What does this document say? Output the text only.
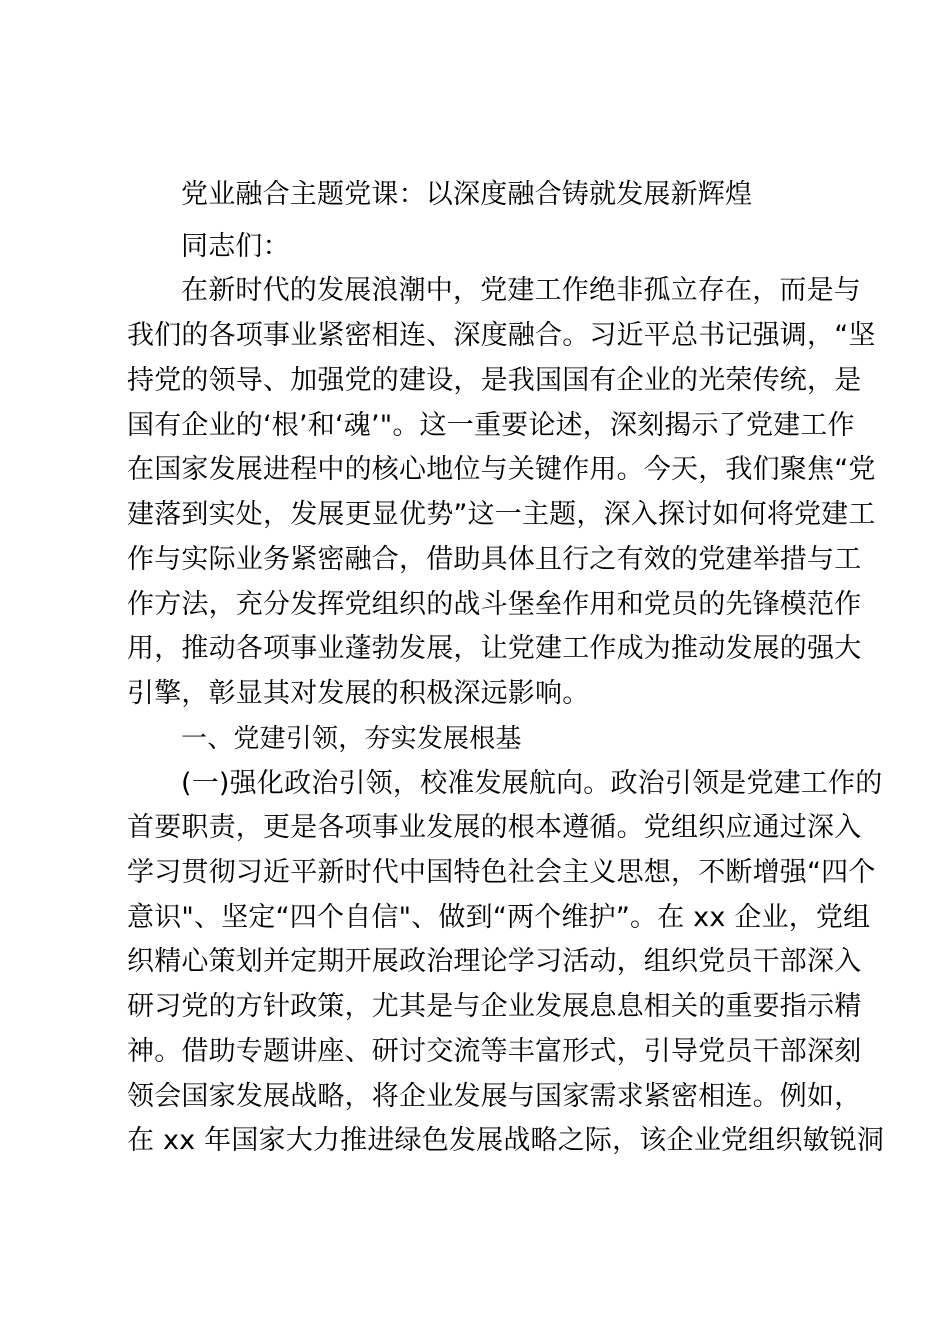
党业融合主题党课：以深度融合铸就发展新辉煌
同志们：
在新时代的发展浪潮中，党建工作绝非孤立存在，而是与
我们的各项事业紧密相连、深度融合。习近平总书记强调，“坚
持党的领导、加强党的建设，是我国国有企业的光荣传统，是
国有企业的‘根’和‘魂’"。这一重要论述，深刻揭示了党建工作
在国家发展进程中的核心地位与关键作用。今天，我们聚焦“党
建落到实处，发展更显优势”这一主题，深入探讨如何将党建工
作与实际业务紧密融合，借助具体且行之有效的党建举措与工
作方法，充分发挥党组织的战斗堡垒作用和党员的先锋模范作
用，推动各项事业蓬勃发展，让党建工作成为推动发展的强大
引擎，彰显其对发展的积极深远影响。
一、党建引领，夯实发展根基
(一)强化政治引领，校准发展航向。政治引领是党建工作的
首要职责，更是各项事业发展的根本遵循。党组织应通过深入
学习贯彻习近平新时代中国特色社会主义思想，不断增强“四个
意识"、坚定“四个自信"、做到“两个维护”。在 xx 企业，党组
织精心策划并定期开展政治理论学习活动，组织党员干部深入
研习党的方针政策，尤其是与企业发展息息相关的重要指示精
神。借助专题讲座、研讨交流等丰富形式，引导党员干部深刻
领会国家发展战略，将企业发展与国家需求紧密相连。例如，
在 xx 年国家大力推进绿色发展战略之际，该企业党组织敏锐洞
